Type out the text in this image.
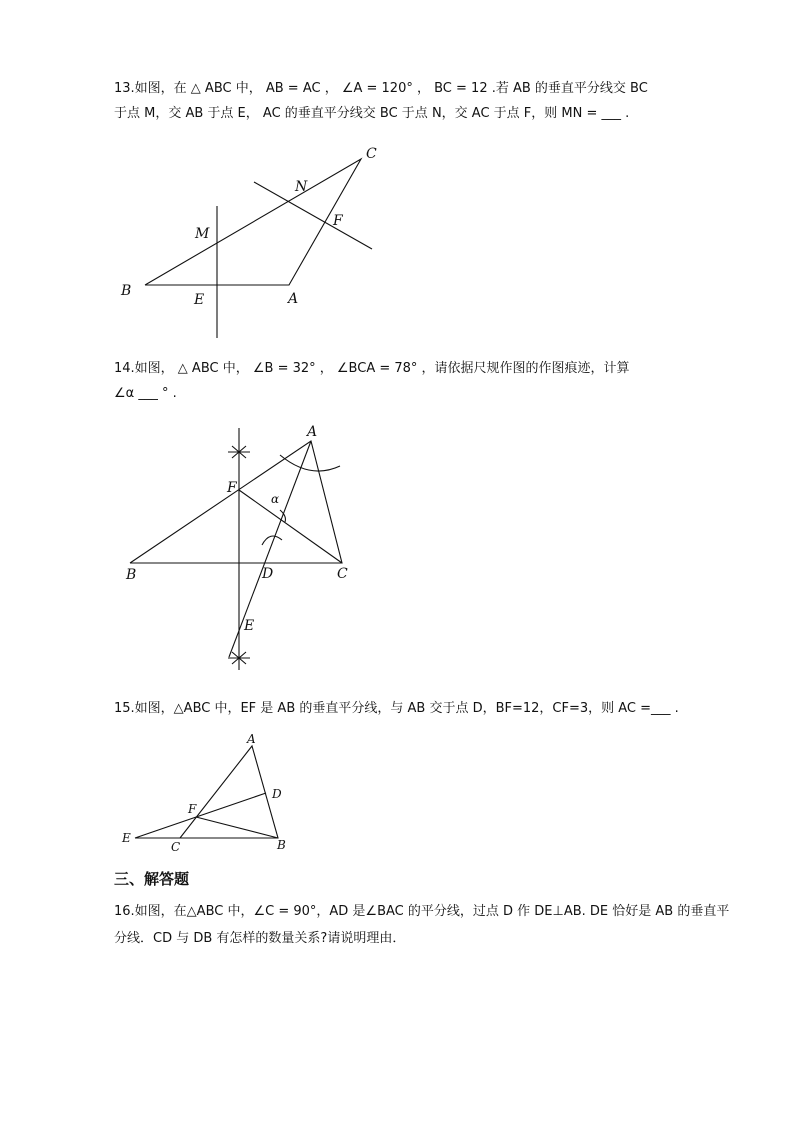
13.如图，在 △ ABC 中， AB = AC ， ∠A = 120° ， BC = 12 .若 AB 的垂直平分线交 BC
于点 M，交 AB 于点 E， AC 的垂直平分线交 BC 于点 N，交 AC 于点 F，则 MN = ___ .
C
N
F
M
B
E	A
14.如图， △ ABC 中， ∠B = 32° ， ∠BCA = 78° ，请依据尺规作图的作图痕迹，计算
∠α ___ ° .
A
F
α
B	D	C
E
15.如图，△ABC 中，EF 是 AB 的垂直平分线，与 AB 交于点 D，BF=12，CF=3，则 AC =___ .
A
D
F
E
C	B
三、解答题
16.如图，在△ABC 中，∠C = 90°，AD 是∠BAC 的平分线，过点 D 作 DE⊥AB. DE 恰好是 AB 的垂直平
分线．CD 与 DB 有怎样的数量关系?请说明理由．
